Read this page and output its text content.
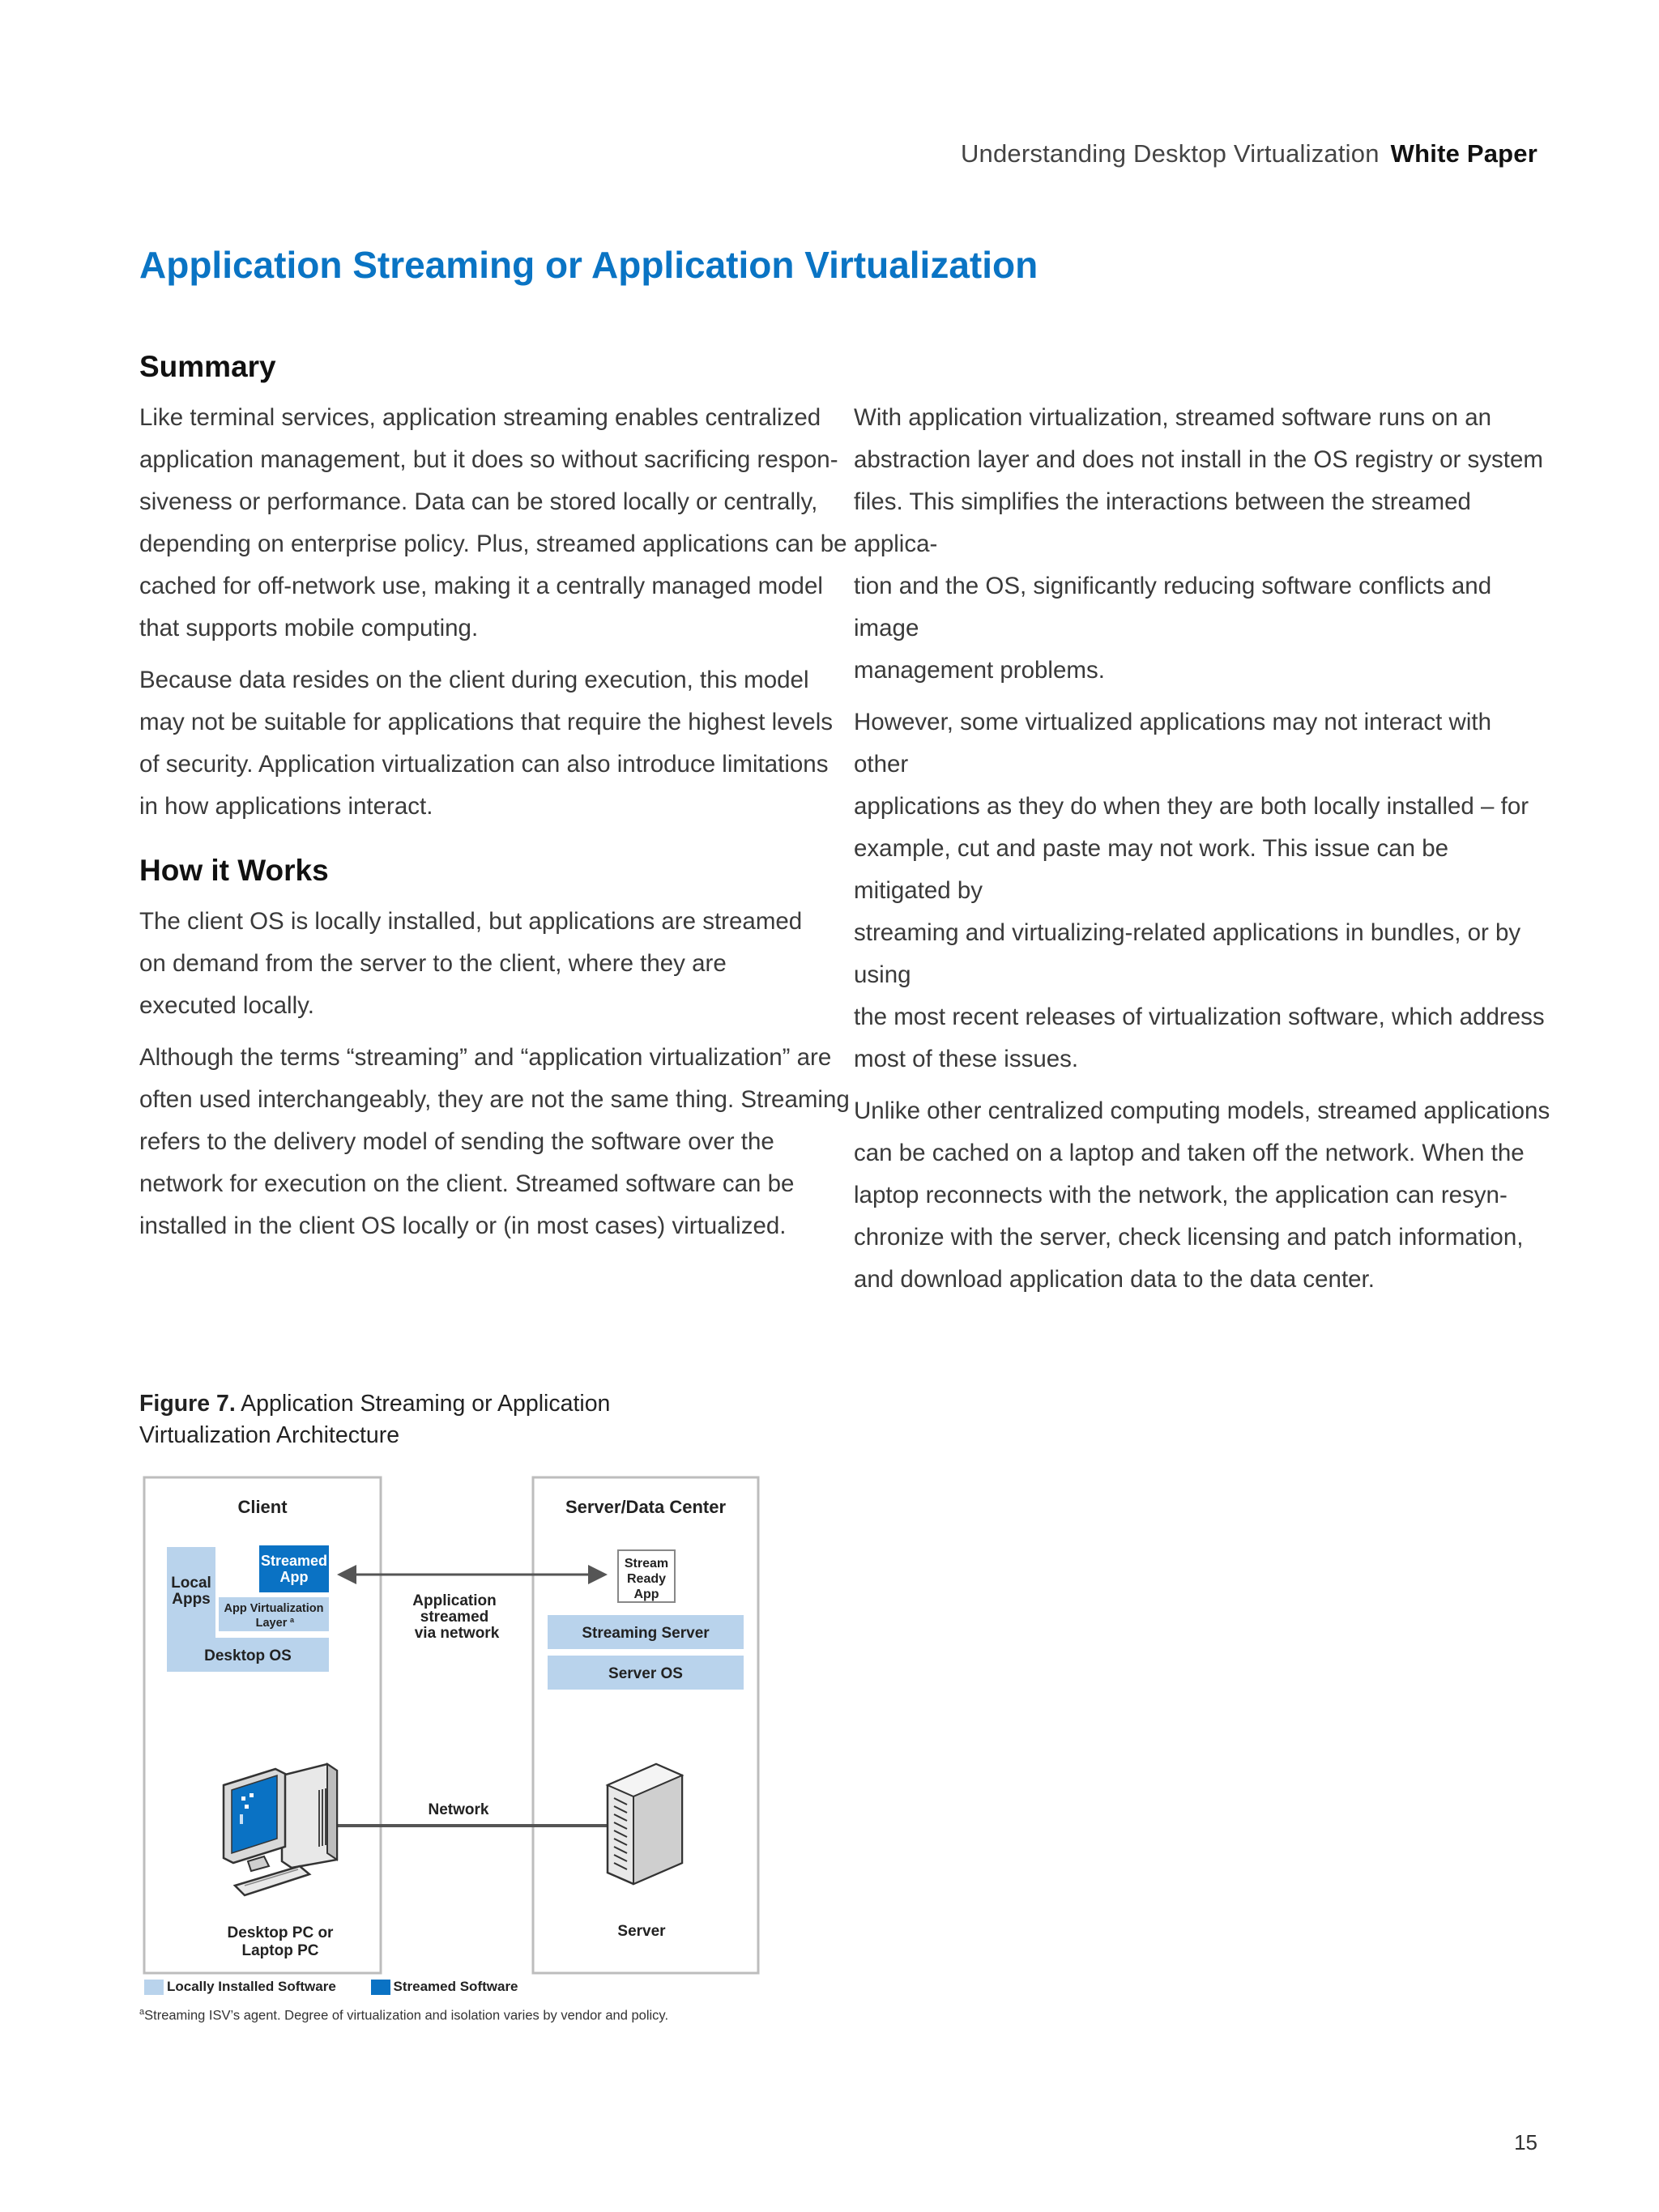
Understanding Desktop Virtualization White Paper
Application Streaming or Application Virtualization
Summary

Like terminal services, application streaming enables centralized
application management, but it does so without sacrificing respon-
siveness or performance. Data can be stored locally or centrally,
depending on enterprise policy. Plus, streamed applications can be
cached for off-network use, making it a centrally managed model
that supports mobile computing.

Because data resides on the client during execution, this model
may not be suitable for applications that require the highest levels
of security. Application virtualization can also introduce limitations
in how applications interact.

How it Works

The client OS is locally installed, but applications are streamed
on demand from the server to the client, where they are
executed locally.

Although the terms “streaming” and “application virtualization” are
often used interchangeably, they are not the same thing. Streaming
refers to the delivery model of sending the software over the
network for execution on the client. Streamed software can be
installed in the client OS locally or (in most cases) virtualized.

With application virtualization, streamed software runs on an
abstraction layer and does not install in the OS registry or system
files. This simplifies the interactions between the streamed applica-
tion and the OS, significantly reducing software conflicts and image
management problems.

However, some virtualized applications may not interact with other
applications as they do when they are both locally installed – for
example, cut and paste may not work. This issue can be mitigated by
streaming and virtualizing-related applications in bundles, or by using
the most recent releases of virtualization software, which address
most of these issues.

Unlike other centralized computing models, streamed applications
can be cached on a laptop and taken off the network. When the
laptop reconnects with the network, the application can resyn-
chronize with the server, check licensing and patch information,
and download application data to the data center.

Figure 7. Application Streaming or Application Virtualization Architecture
Client	Server/Data Center
Local
Apps
Streamed
App
App Virtualization
Layer a
Desktop OS
Application
streamed
via network
Stream
Ready
App
Streaming Server
Server OS
Network
Desktop PC or
Laptop PC
Server
Locally Installed Software	Streamed Software
$^a$Streaming ISV’s agent. Degree of virtualization and isolation varies by vendor and policy.
15
